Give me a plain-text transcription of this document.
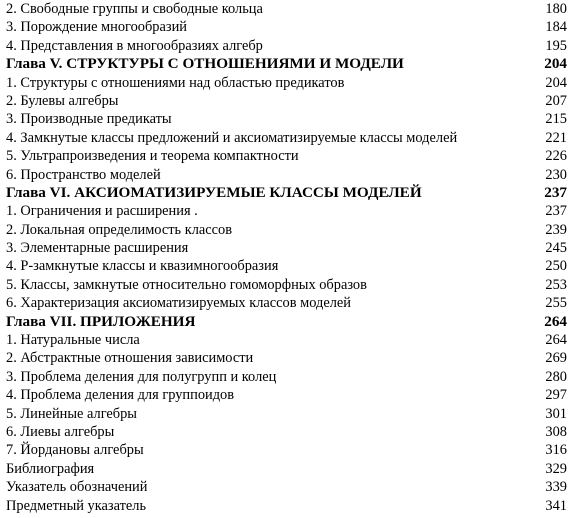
2. Свободные группы и свободные кольца	180
3. Порождение многообразий	184
4. Представления в многообразиях алгебр	195
Глава V. СТРУКТУРЫ С ОТНОШЕНИЯМИ И МОДЕЛИ	204
1. Структуры с отношениями над областью предикатов	204
2. Булевы алгебры	207
3. Производные предикаты	215
4. Замкнутые классы предложений и аксиоматизируемые классы моделей	221
5. Ультрапроизведения и теорема компактности	226
6. Пространство моделей	230
Глава VI. АКСИОМАТИЗИРУЕМЫЕ КЛАССЫ МОДЕЛЕЙ	237
1. Ограничения и расширения .	237
2. Локальная определимость классов	239
3. Элементарные расширения	245
4. Р-замкнутые классы и квазимногообразия	250
5. Классы, замкнутые относительно гомоморфных образов	253
6. Характеризация аксиоматизируемых классов моделей	255
Глава VII. ПРИЛОЖЕНИЯ	264
1. Натуральные числа	264
2. Абстрактные отношения зависимости	269
3. Проблема деления для полугрупп и колец	280
4. Проблема деления для группоидов	297
5. Линейные алгебры	301
6. Лиевы алгебры	308
7. Йордановы алгебры	316
Библиография	329
Указатель обозначений	339
Предметный указатель	341
